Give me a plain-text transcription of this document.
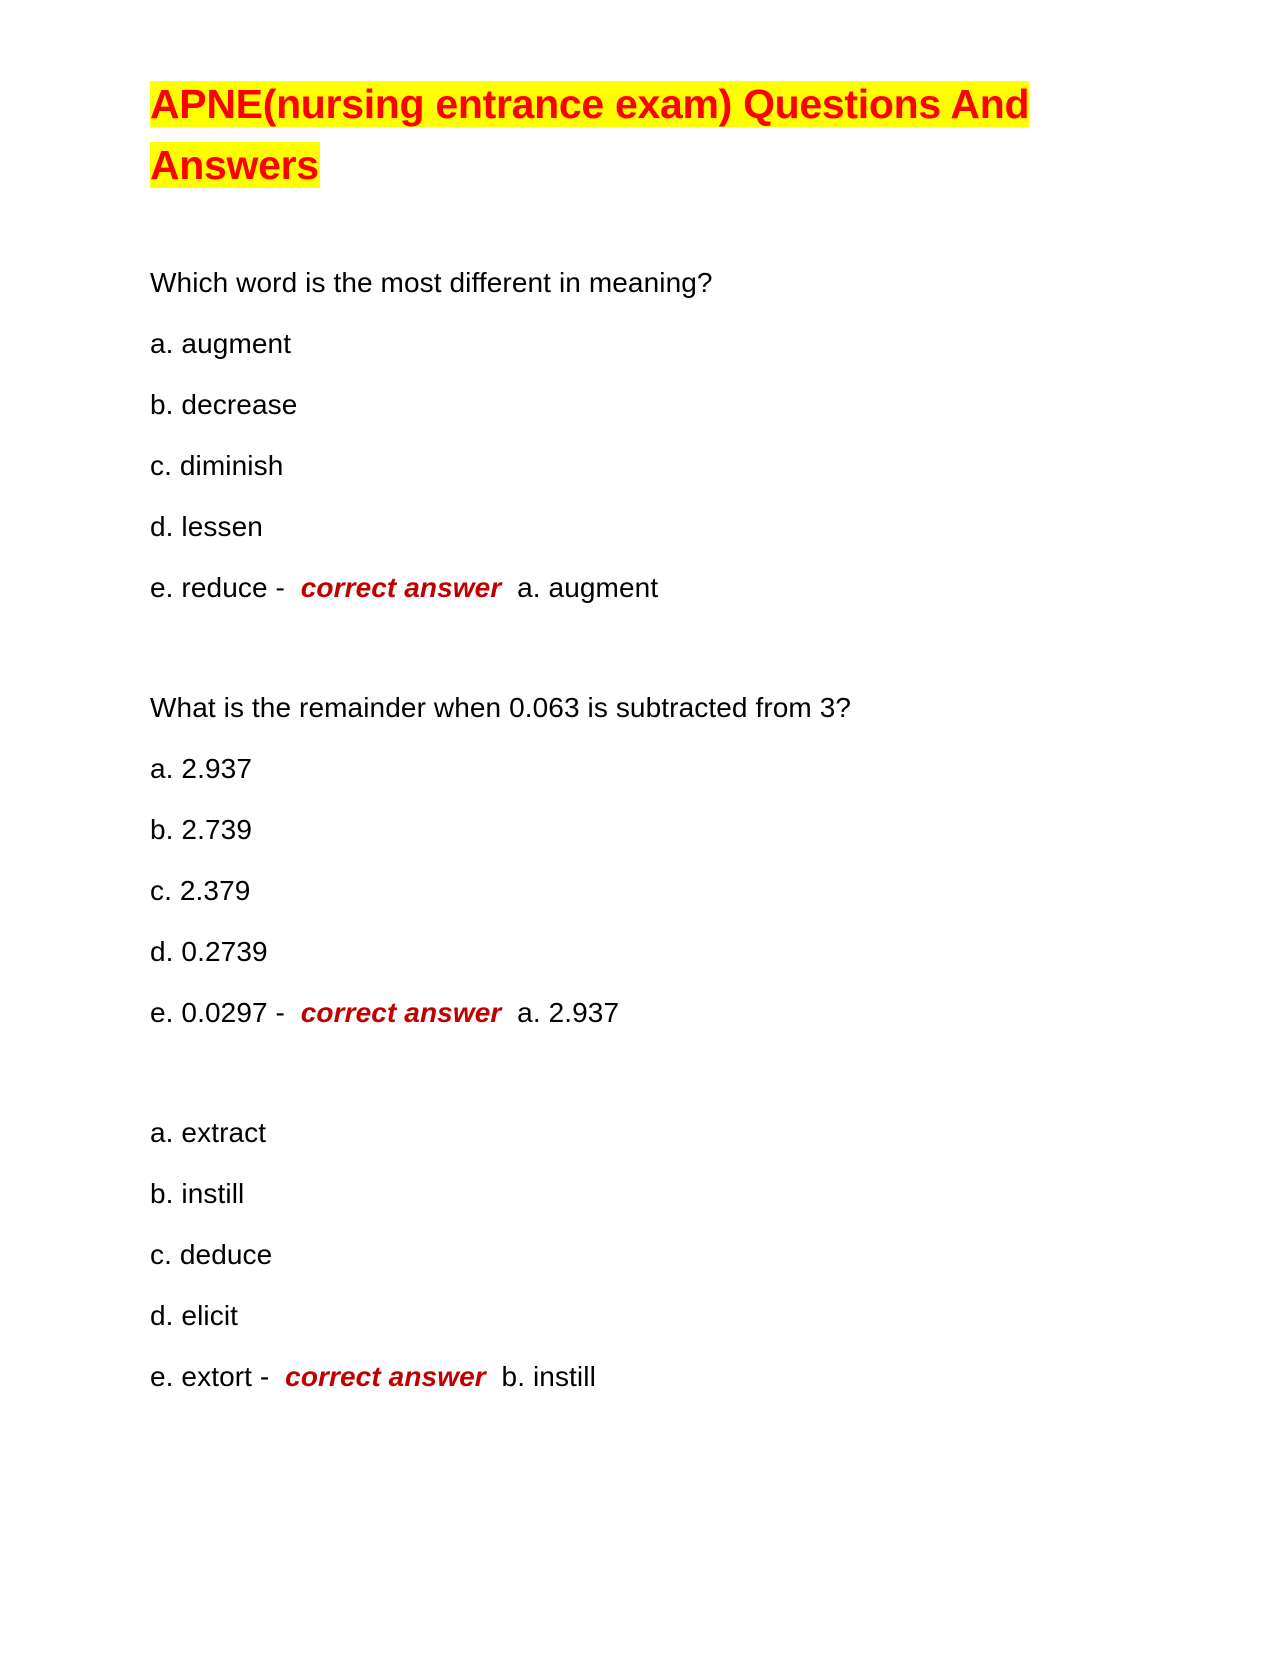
APNE(nursing entrance exam) Questions And Answers
Which word is the most different in meaning?
a. augment
b. decrease
c. diminish
d. lessen
e. reduce - correct answer a. augment
What is the remainder when 0.063 is subtracted from 3?
a. 2.937
b. 2.739
c. 2.379
d. 0.2739
e. 0.0297 - correct answer a. 2.937
a. extract
b. instill
c. deduce
d. elicit
e. extort - correct answer b. instill
